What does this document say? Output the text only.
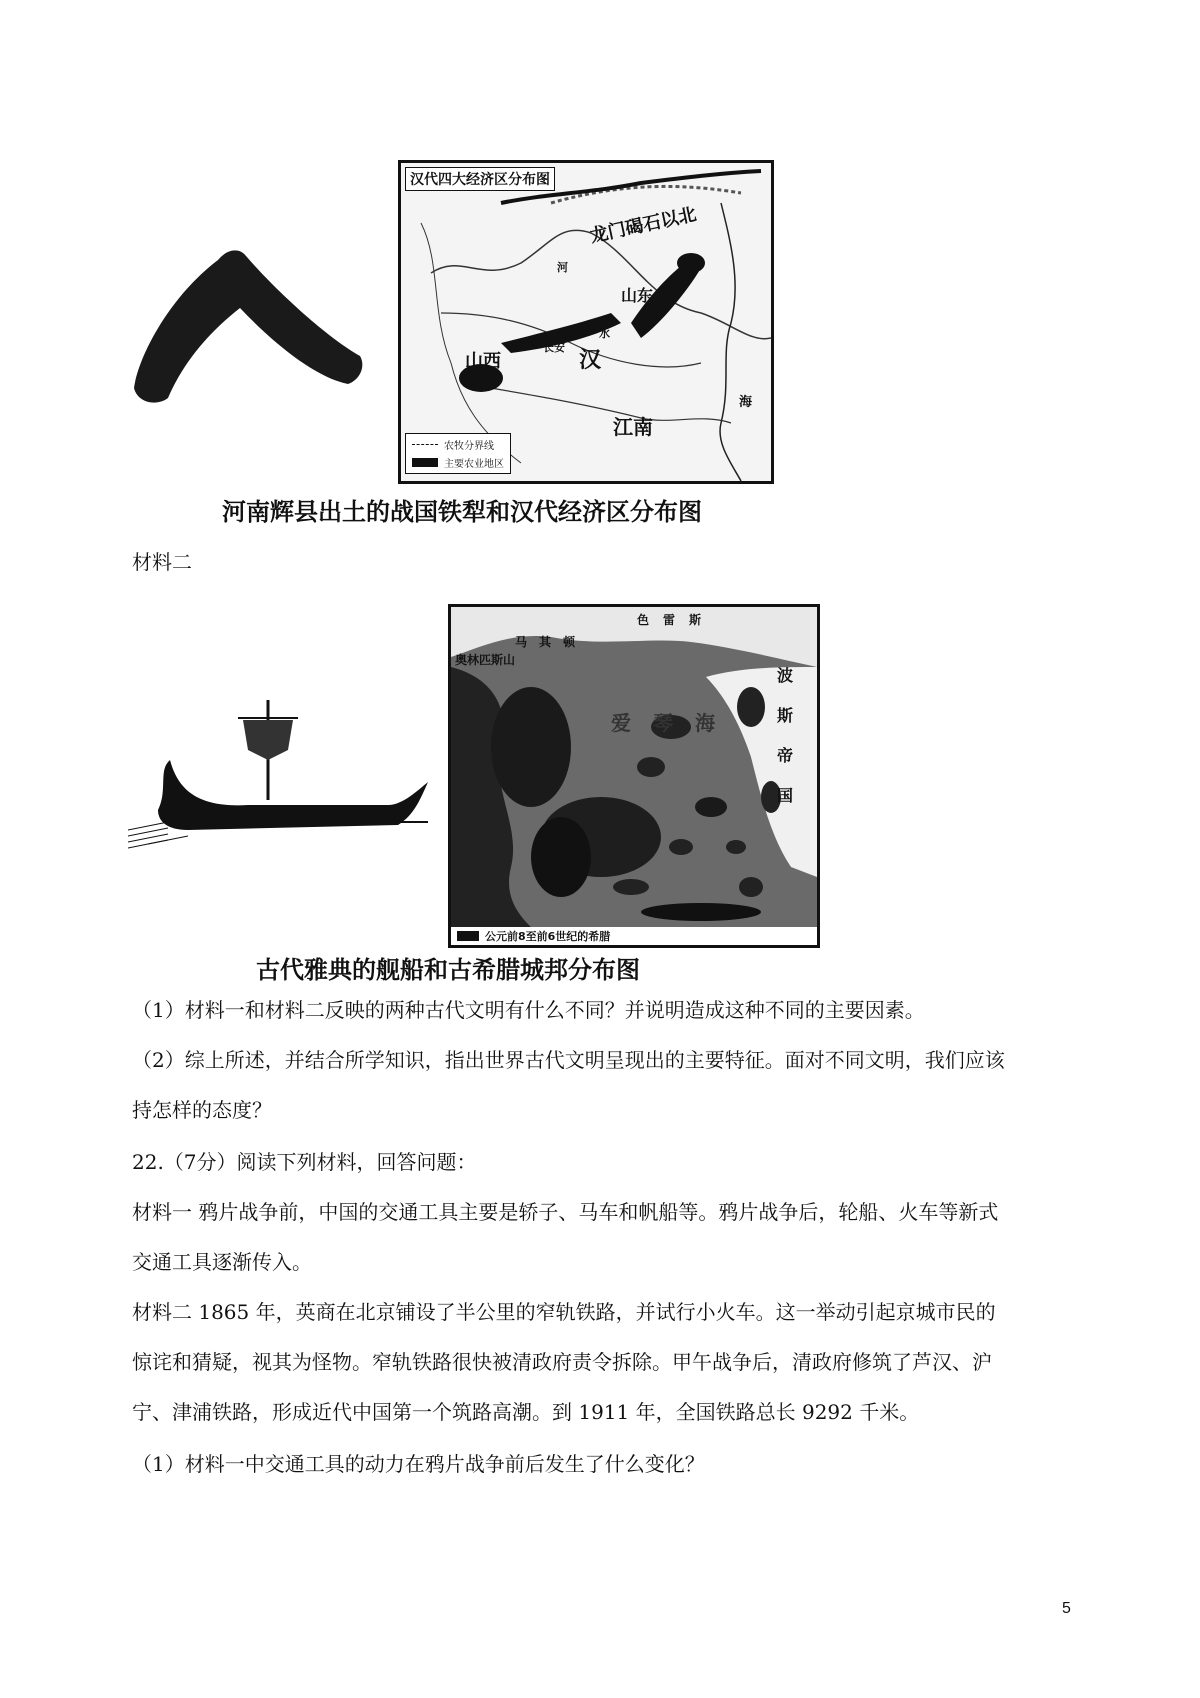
汉代四大经济区分布图
龙门碣石以北
山西
山东
汉
江南
长安
河
水
海
农牧分界线
主要农业地区
河南辉县出土的战国铁犁和汉代经济区分布图
材料二
色雷斯
马其顿
奥林匹斯山
波
斯
帝
国
爱琴海
公元前8至前6世纪的希腊
古代雅典的舰船和古希腊城邦分布图
（1）材料一和材料二反映的两种古代文明有什么不同？并说明造成这种不同的主要因素。
（2）综上所述，并结合所学知识，指出世界古代文明呈现出的主要特征。面对不同文明，我们应该
持怎样的态度？
22.（7分）阅读下列材料，回答问题：
材料一 鸦片战争前，中国的交通工具主要是轿子、马车和帆船等。鸦片战争后，轮船、火车等新式
交通工具逐渐传入。
材料二 1865 年，英商在北京铺设了半公里的窄轨铁路，并试行小火车。这一举动引起京城市民的
惊诧和猜疑，视其为怪物。窄轨铁路很快被清政府责令拆除。甲午战争后，清政府修筑了芦汉、沪
宁、津浦铁路，形成近代中国第一个筑路高潮。到 1911 年，全国铁路总长 9292 千米。
（1）材料一中交通工具的动力在鸦片战争前后发生了什么变化？
5
